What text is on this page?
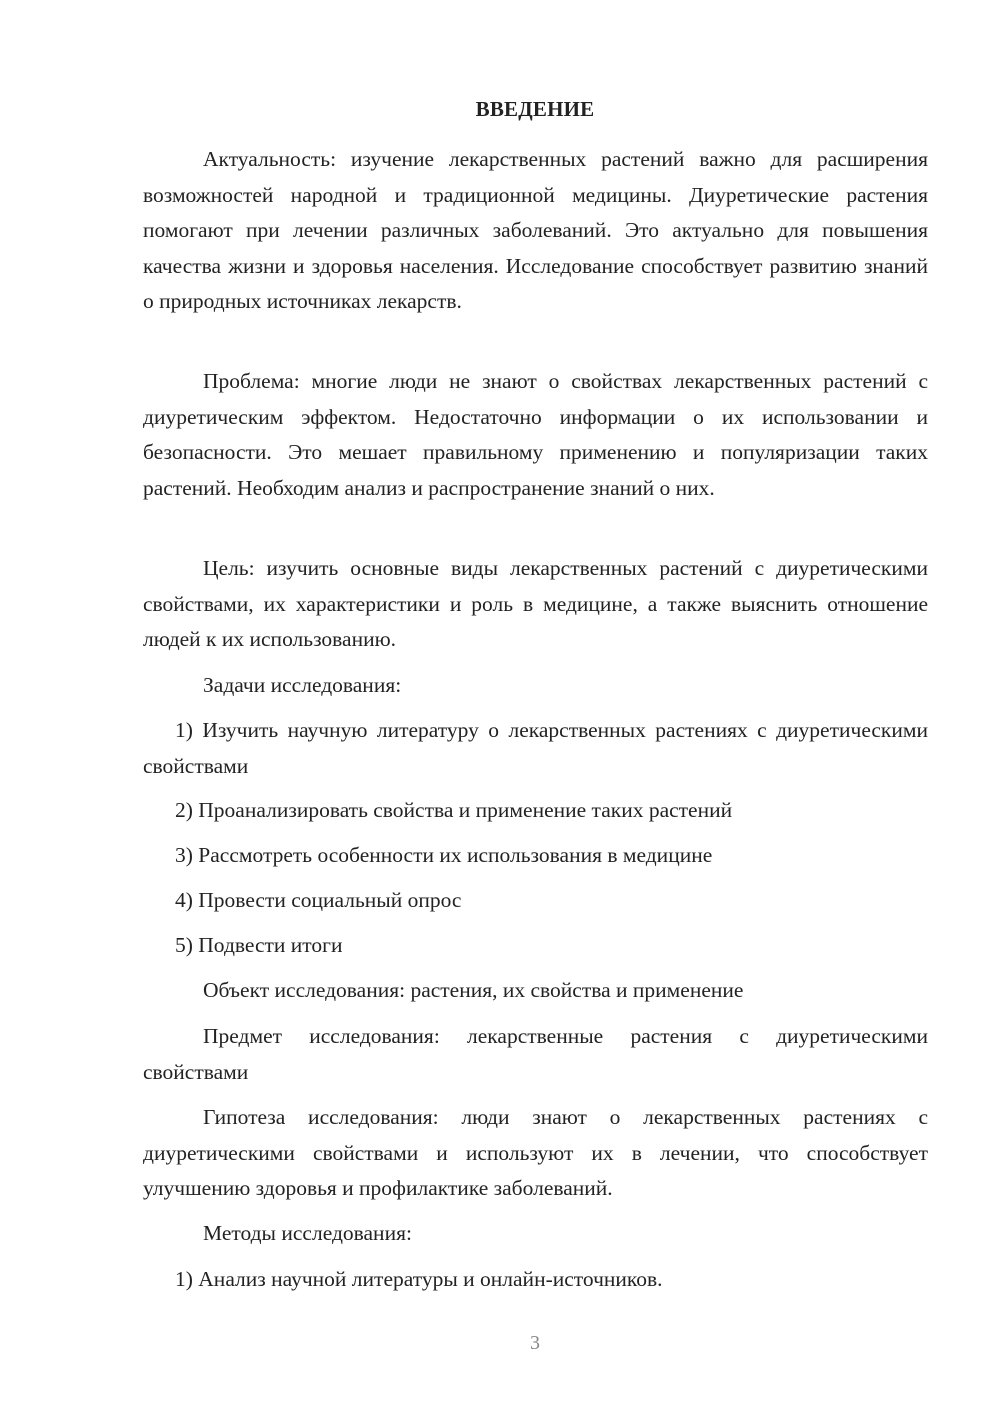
ВВЕДЕНИЕ

Актуальность: изучение лекарственных растений важно для расширения возможностей народной и традиционной медицины. Диуретические растения помогают при лечении различных заболеваний. Это актуально для повышения качества жизни и здоровья населения. Исследование способствует развитию знаний о природных источниках лекарств.

Проблема: многие люди не знают о свойствах лекарственных растений с диуретическим эффектом. Недостаточно информации о их использовании и безопасности. Это мешает правильному применению и популяризации таких растений. Необходим анализ и распространение знаний о них.

Цель: изучить основные виды лекарственных растений с диуретическими свойствами, их характеристики и роль в медицине, а также выяснить отношение людей к их использованию.

Задачи исследования:

1) Изучить научную литературу о лекарственных растениях с диуретическими свойствами

2) Проанализировать свойства и применение таких растений

3) Рассмотреть особенности их использования в медицине

4) Провести социальный опрос

5) Подвести итоги

Объект исследования: растения, их свойства и применение

Предмет исследования: лекарственные растения с диуретическими свойствами

Гипотеза исследования: люди знают о лекарственных растениях с диуретическими свойствами и используют их в лечении, что способствует улучшению здоровья и профилактике заболеваний.

Методы исследования:

1) Анализ научной литературы и онлайн-источников.

3
